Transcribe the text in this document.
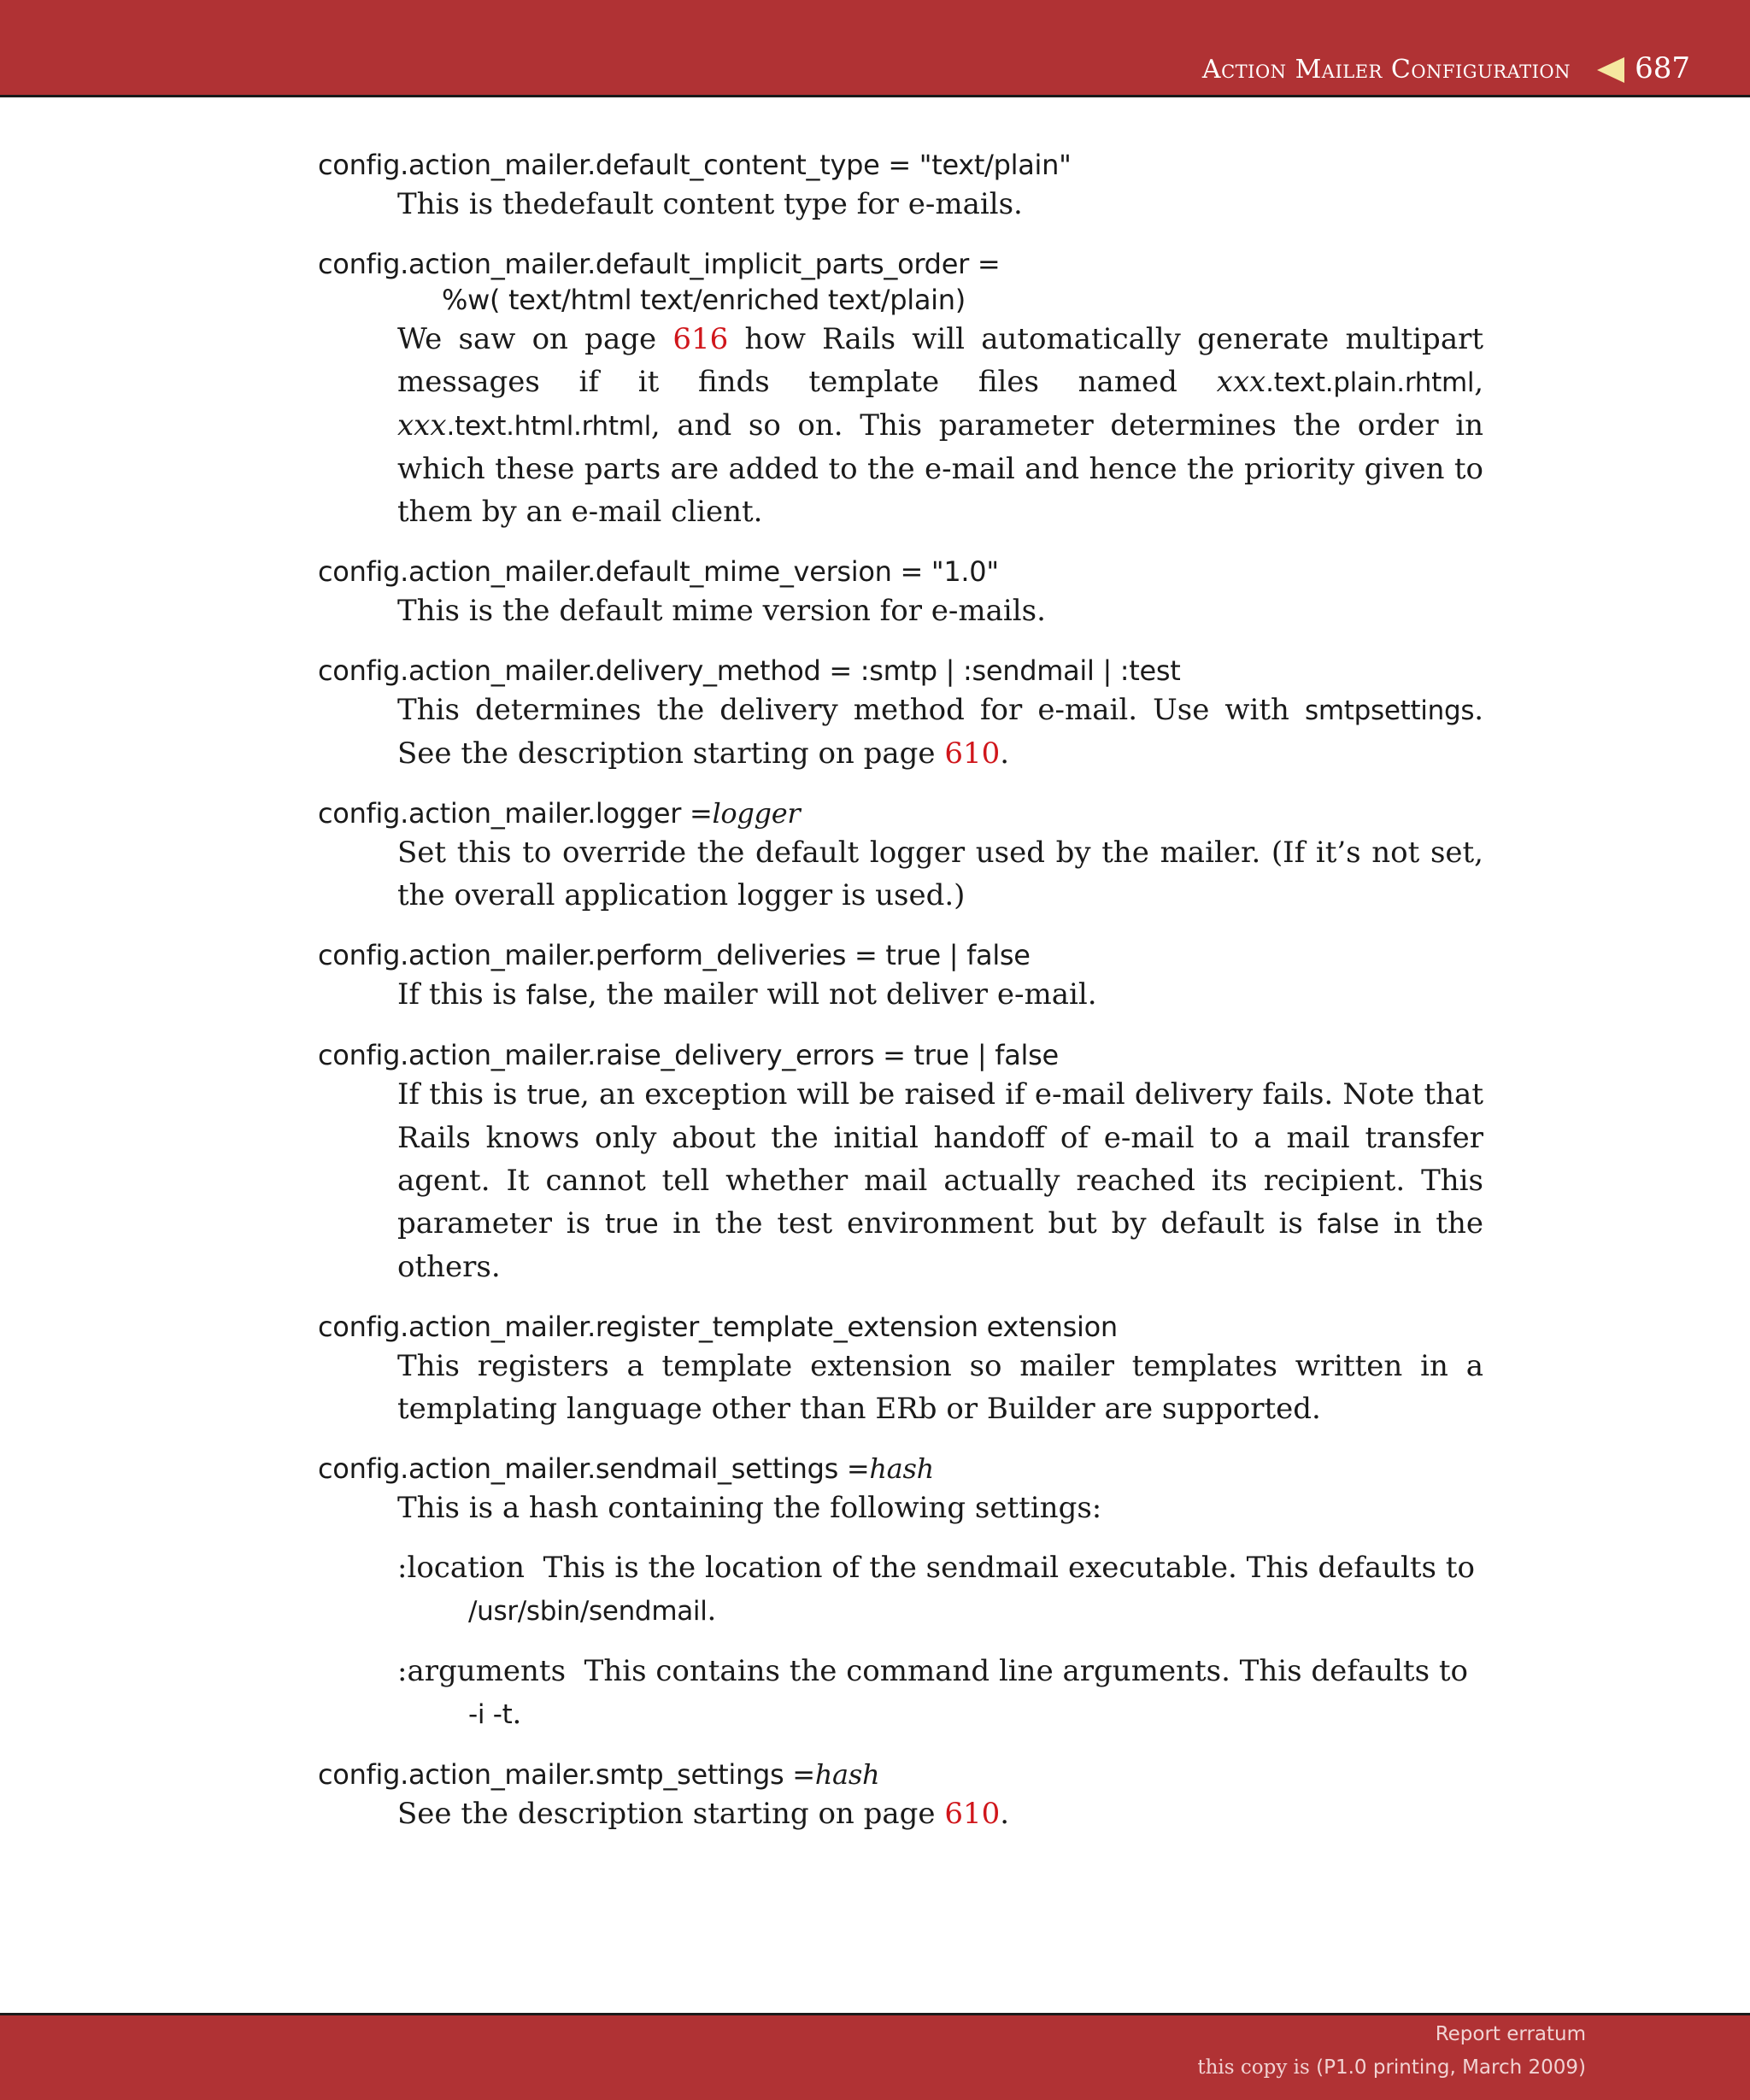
Action Mailer Configuration 687
config.action_mailer.default_content_type = "text/plain"
This is thedefault content type for e-mails.
config.action_mailer.default_implicit_parts_order =
%w( text/html text/enriched text/plain)
We saw on page 616 how Rails will automatically generate multipart messages if it finds template files named xxx.text.plain.rhtml, xxx.text.html.rhtml, and so on. This parameter determines the order in which these parts are added to the e-mail and hence the priority given to them by an e-mail client.
config.action_mailer.default_mime_version = "1.0"
This is the default mime version for e-mails.
config.action_mailer.delivery_method = :smtp | :sendmail | :test
This determines the delivery method for e-mail. Use with smtpsettings. See the description starting on page 610.
config.action_mailer.logger =logger
Set this to override the default logger used by the mailer. (If it’s not set, the overall application logger is used.)
config.action_mailer.perform_deliveries = true | false
If this is false, the mailer will not deliver e-mail.
config.action_mailer.raise_delivery_errors = true | false
If this is true, an exception will be raised if e-mail delivery fails. Note that Rails knows only about the initial handoff of e-mail to a mail transfer agent. It cannot tell whether mail actually reached its recipient. This parameter is true in the test environment but by default is false in the others.
config.action_mailer.register_template_extension extension
This registers a template extension so mailer templates written in a templating language other than ERb or Builder are supported.
config.action_mailer.sendmail_settings =hash
This is a hash containing the following settings:
:location This is the location of the sendmail executable. This defaults to
/usr/sbin/sendmail.
:arguments This contains the command line arguments. This defaults to
-i -t.
config.action_mailer.smtp_settings =hash
See the description starting on page 610.
Report erratum
this copy is (P1.0 printing, March 2009)
